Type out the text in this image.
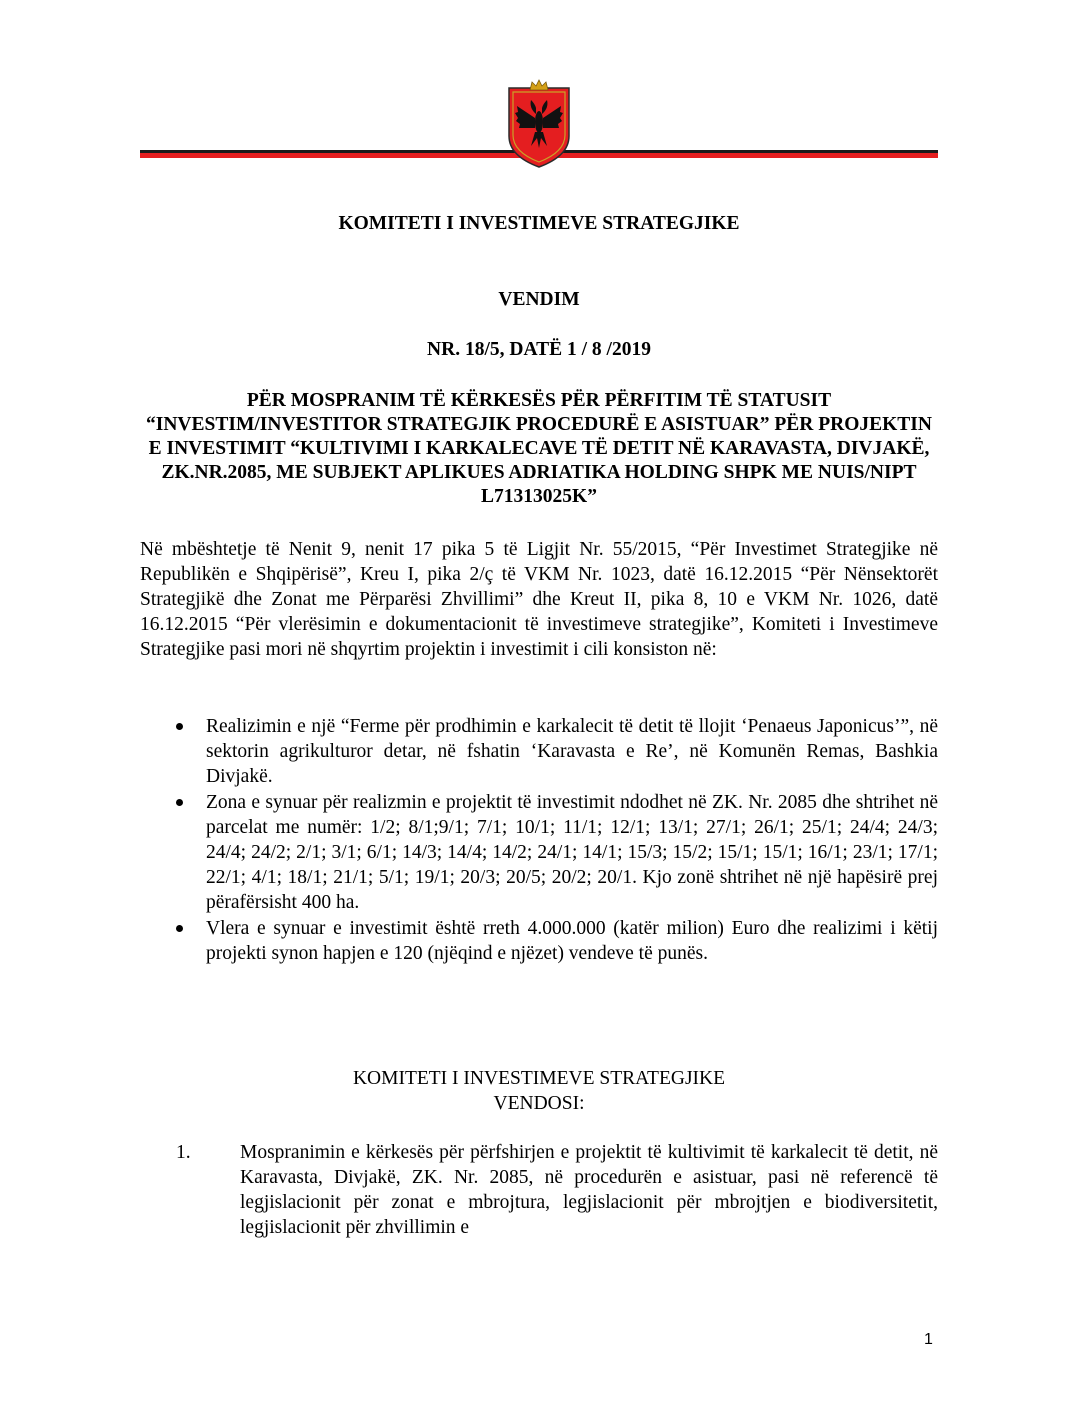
KOMITETI I INVESTIMEVE STRATEGJIKE
VENDIM
NR. 18/5, DATË 1 / 8 /2019
PËR MOSPRANIM TË KËRKESËS PËR PËRFITIM TË STATUSIT
“INVESTIM/INVESTITOR STRATEGJIK PROCEDURË E ASISTUAR” PËR PROJEKTIN
E INVESTIMIT “KULTIVIMI I KARKALECAVE TË DETIT NË KARAVASTA, DIVJAKË,
ZK.NR.2085, ME SUBJEKT APLIKUES ADRIATIKA HOLDING SHPK ME NUIS/NIPT
L71313025K”

Në mbështetje të Nenit 9, nenit 17 pika 5 të Ligjit Nr. 55/2015, “Për Investimet Strategjike në Republikën e Shqipërisë”, Kreu I, pika 2/ç të VKM Nr. 1023, datë 16.12.2015 “Për Nënsektorët Strategjikë dhe Zonat me Përparësi Zhvillimi” dhe Kreut II, pika 8, 10 e VKM Nr. 1026, datë 16.12.2015 “Për vlerësimin e dokumentacionit të investimeve strategjike”, Komiteti i Investimeve Strategjike pasi mori në shqyrtim projektin i investimit i cili konsiston në:

Realizimin e një “Ferme për prodhimin e karkalecit të detit të llojit ‘Penaeus Japonicus’”, në sektorin agrikulturor detar, në fshatin ‘Karavasta e Re’, në Komunën Remas, Bashkia Divjakë.
Zona e synuar për realizmin e projektit të investimit ndodhet në ZK. Nr. 2085 dhe shtrihet në parcelat me numër: 1/2; 8/1;9/1; 7/1; 10/1; 11/1; 12/1; 13/1; 27/1; 26/1; 25/1; 24/4; 24/3; 24/4; 24/2; 2/1; 3/1; 6/1; 14/3; 14/4; 14/2; 24/1; 14/1; 15/3; 15/2; 15/1; 15/1; 16/1; 23/1; 17/1; 22/1; 4/1; 18/1; 21/1; 5/1; 19/1; 20/3; 20/5; 20/2; 20/1. Kjo zonë shtrihet në një hapësirë prej përafërsisht 400 ha.
Vlera e synuar e investimit është rreth 4.000.000 (katër milion) Euro dhe realizimi i këtij projekti synon hapjen e 120 (njëqind e njëzet) vendeve të punës.

KOMITETI I INVESTIMEVE STRATEGJIKE
VENDOSI:

1.	Mospranimin e kërkesës për përfshirjen e projektit të kultivimit të karkalecit të detit, në Karavasta, Divjakë, ZK. Nr. 2085, në procedurën e asistuar, pasi në referencë të legjislacionit për zonat e mbrojtura, legjislacionit për mbrojtjen e biodiversitetit, legjislacionit për zhvillimin e

1
